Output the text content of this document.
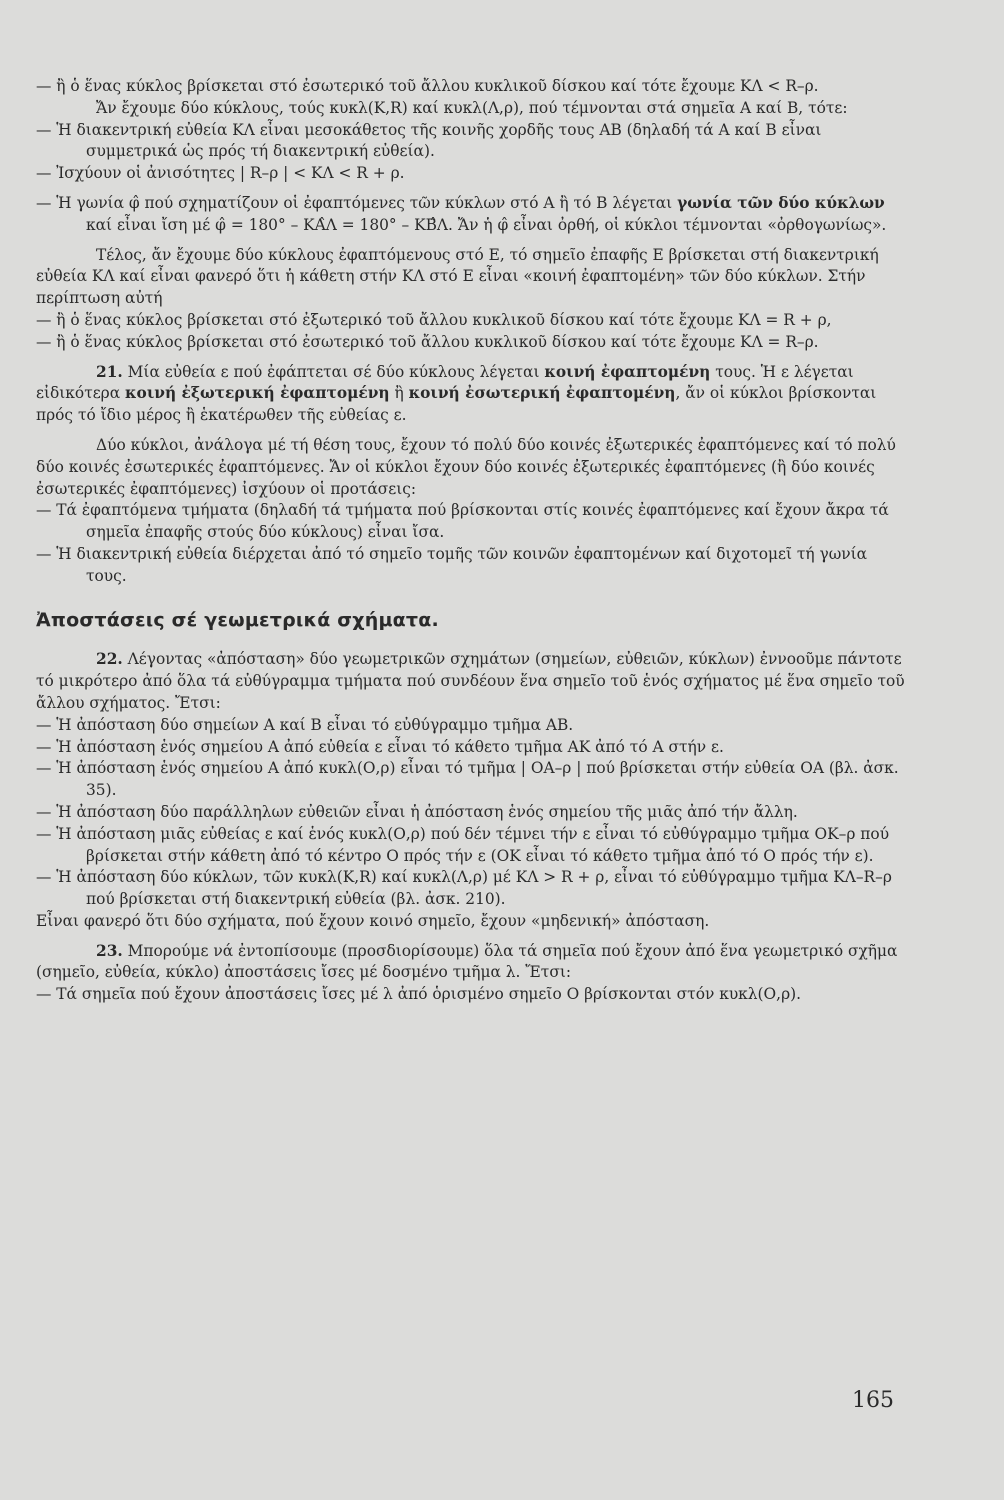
— ἢ ὁ ἕνας κύκλος βρίσκεται στό ἐσωτερικό τοῦ ἄλλου κυκλικοῦ δίσκου καί τότε ἔχουμε ΚΛ < R–ρ.

Ἄν ἔχουμε δύο κύκλους, τούς κυκλ(Κ,R) καί κυκλ(Λ,ρ), πού τέμνονται στά σημεῖα Α καί Β, τότε:

— Ἡ διακεντρική εὐθεία ΚΛ εἶναι μεσοκάθετος τῆς κοινῆς χορδῆς τους ΑΒ (δηλαδή τά Α καί Β εἶναι συμμετρικά ὡς πρός τή διακεντρική εὐθεία).

— Ἰσχύουν οἱ ἀνισότητες | R–ρ | < ΚΛ < R + ρ.

— Ἡ γωνία φ̂ πού σχηματίζουν οἱ ἐφαπτόμενες τῶν κύκλων στό Α ἢ τό Β λέγεται γωνία τῶν δύο κύκλων καί εἶναι ἴση μέ φ̂ = 180° – ΚΑ̂Λ = 180° – ΚΒ̂Λ. Ἄν ἡ φ̂ εἶναι ὀρθή, οἱ κύκλοι τέμνονται «ὀρθογωνίως».

Τέλος, ἄν ἔχουμε δύο κύκλους ἐφαπτόμενους στό Ε, τό σημεῖο ἐπαφῆς Ε βρίσκεται στή διακεντρική εὐθεία ΚΛ καί εἶναι φανερό ὅτι ἡ κάθετη στήν ΚΛ στό Ε εἶναι «κοινή ἐφαπτομένη» τῶν δύο κύκλων. Στήν περίπτωση αὐτή

— ἢ ὁ ἕνας κύκλος βρίσκεται στό ἐξωτερικό τοῦ ἄλλου κυκλικοῦ δίσκου καί τότε ἔχουμε ΚΛ = R + ρ,

— ἢ ὁ ἕνας κύκλος βρίσκεται στό ἐσωτερικό τοῦ ἄλλου κυκλικοῦ δίσκου καί τότε ἔχουμε ΚΛ = R–ρ.

21. Μία εὐθεία ε πού ἐφάπτεται σέ δύο κύκλους λέγεται κοινή ἐφαπτομένη τους. Ἡ ε λέγεται εἰδικότερα κοινή ἐξωτερική ἐφαπτομένη ἢ κοινή ἐσωτερική ἐφαπτομένη, ἄν οἱ κύκλοι βρίσκονται πρός τό ἴδιο μέρος ἢ ἑκατέρωθεν τῆς εὐθείας ε.

Δύο κύκλοι, ἀνάλογα μέ τή θέση τους, ἔχουν τό πολύ δύο κοινές ἐξωτερικές ἐφαπτόμενες καί τό πολύ δύο κοινές ἐσωτερικές ἐφαπτόμενες. Ἄν οἱ κύκλοι ἔχουν δύο κοινές ἐξωτερικές ἐφαπτόμενες (ἢ δύο κοινές ἐσωτερικές ἐφαπτόμενες) ἰσχύουν οἱ προτάσεις:

— Τά ἐφαπτόμενα τμήματα (δηλαδή τά τμήματα πού βρίσκονται στίς κοινές ἐφαπτόμενες καί ἔχουν ἄκρα τά σημεῖα ἐπαφῆς στούς δύο κύκλους) εἶναι ἴσα.

— Ἡ διακεντρική εὐθεία διέρχεται ἀπό τό σημεῖο τομῆς τῶν κοινῶν ἐφαπτομένων καί διχοτομεῖ τή γωνία τους.

Ἀποστάσεις σέ γεωμετρικά σχήματα.

22. Λέγοντας «ἀπόσταση» δύο γεωμετρικῶν σχημάτων (σημείων, εὐθειῶν, κύκλων) ἐννοοῦμε πάντοτε τό μικρότερο ἀπό ὅλα τά εὐθύγραμμα τμήματα πού συνδέουν ἕνα σημεῖο τοῦ ἑνός σχήματος μέ ἕνα σημεῖο τοῦ ἄλλου σχήματος. Ἔτσι:

— Ἡ ἀπόσταση δύο σημείων Α καί Β εἶναι τό εὐθύγραμμο τμῆμα ΑΒ.

— Ἡ ἀπόσταση ἑνός σημείου Α ἀπό εὐθεία ε εἶναι τό κάθετο τμῆμα ΑΚ ἀπό τό Α στήν ε.

— Ἡ ἀπόσταση ἑνός σημείου Α ἀπό κυκλ(Ο,ρ) εἶναι τό τμῆμα | ΟΑ–ρ | πού βρίσκεται στήν εὐθεία ΟΑ (βλ. ἀσκ. 35).

— Ἡ ἀπόσταση δύο παράλληλων εὐθειῶν εἶναι ἡ ἀπόσταση ἑνός σημείου τῆς μιᾶς ἀπό τήν ἄλλη.

— Ἡ ἀπόσταση μιᾶς εὐθείας ε καί ἑνός κυκλ(Ο,ρ) πού δέν τέμνει τήν ε εἶναι τό εὐθύγραμμο τμῆμα ΟΚ–ρ πού βρίσκεται στήν κάθετη ἀπό τό κέντρο Ο πρός τήν ε (ΟΚ εἶναι τό κάθετο τμῆμα ἀπό τό Ο πρός τήν ε).

— Ἡ ἀπόσταση δύο κύκλων, τῶν κυκλ(Κ,R) καί κυκλ(Λ,ρ) μέ ΚΛ > R + ρ, εἶναι τό εὐθύγραμμο τμῆμα ΚΛ–R–ρ πού βρίσκεται στή διακεντρική εὐθεία (βλ. ἀσκ. 210).

Εἶναι φανερό ὅτι δύο σχήματα, πού ἔχουν κοινό σημεῖο, ἔχουν «μηδενική» ἀπόσταση.

23. Μπορούμε νά ἐντοπίσουμε (προσδιορίσουμε) ὅλα τά σημεῖα πού ἔχουν ἀπό ἕνα γεωμετρικό σχῆμα (σημεῖο, εὐθεία, κύκλο) ἀποστάσεις ἴσες μέ δοσμένο τμῆμα λ. Ἔτσι:

— Τά σημεῖα πού ἔχουν ἀποστάσεις ἴσες μέ λ ἀπό ὁρισμένο σημεῖο Ο βρίσκονται στόν κυκλ(Ο,ρ).

165
